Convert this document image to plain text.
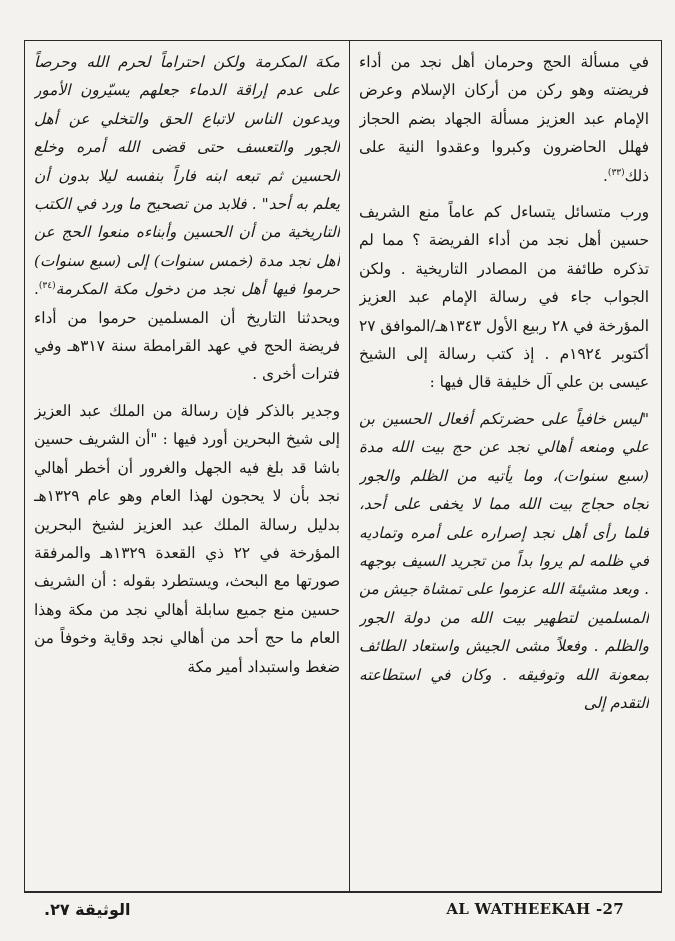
في مسألة الحج وحرمان أهل نجد من أداء فريضته وهو ركن من أركان الإسلام وعرض الإمام عبد العزيز مسألة الجهاد بضم الحجاز فهلل الحاضرون وكبروا وعقدوا النية على ذلك$^{(٣٣)}$.

ورب متسائل يتساءل كم عاماً منع الشريف حسين أهل نجد من أداء الفريضة ؟ مما لم تذكره طائفة من المصادر التاريخية . ولكن الجواب جاء في رسالة الإمام عبد العزيز المؤرخة في ٢٨ ربيع الأول ١٣٤٣هـ/الموافق ٢٧ أكتوبر ١٩٢٤م . إذ كتب رسالة إلى الشيخ عيسى بن علي آل خليفة قال فيها :

"ليس خافياً على حضرتكم أفعال الحسين بن علي ومنعه أهالي نجد عن حج بيت الله مدة (سبع سنوات)، وما يأتيه من الظلم والجور تجاه حجاج بيت الله مما لا يخفى على أحد، فلما رأى أهل نجد إصراره على أمره وتماديه في ظلمه لم يروا بداً من تجريد السيف بوجهه . وبعد مشيئة الله عزموا على تمشاة جيش من المسلمين لتطهير بيت الله من دولة الجور والظلم . وفعلاً مشى الجيش واستعاد الطائف بمعونة الله وتوفيقه . وكان في استطاعته التقدم إلى

مكة المكرمة ولكن احتراماً لحرم الله وحرصاً على عدم إراقة الدماء جعلهم يسيّرون الأمور ويدعون الناس لاتباع الحق والتخلي عن أهل الجور والتعسف حتى قضى الله أمره وخلع الحسين ثم تبعه ابنه فاراً بنفسه ليلا بدون أن يعلم به أحد" . فلابد من تصحيح ما ورد في الكتب التاريخية من أن الحسين وأبناءه منعوا الحج عن أهل نجد مدة (خمس سنوات) إلى (سبع سنوات) حرموا فيها أهل نجد من دخول مكة المكرمة$^{(٣٤)}$. ويحدثنا التاريخ أن المسلمين حرموا من أداء فريضة الحج في عهد القرامطة سنة ٣١٧هـ وفي فترات أخرى .

وجدير بالذكر فإن رسالة من الملك عبد العزيز إلى شيخ البحرين أورد فيها : "أن الشريف حسين باشا قد بلغ فيه الجهل والغرور أن أخطر أهالي نجد بأن لا يحجون لهذا العام وهو عام ١٣٢٩هـ بدليل رسالة الملك عبد العزيز لشيخ البحرين المؤرخة في ٢٢ ذي القعدة ١٣٢٩هـ والمرفقة صورتها مع البحث، ويستطرد بقوله : أن الشريف حسين منع جميع سابلة أهالي نجد من مكة وهذا العام ما حج أحد من أهالي نجد وقاية وخوفاً من ضغط واستبداد أمير مكة

الوثيقة ٢٧.	AL WATHEEKAH -27
